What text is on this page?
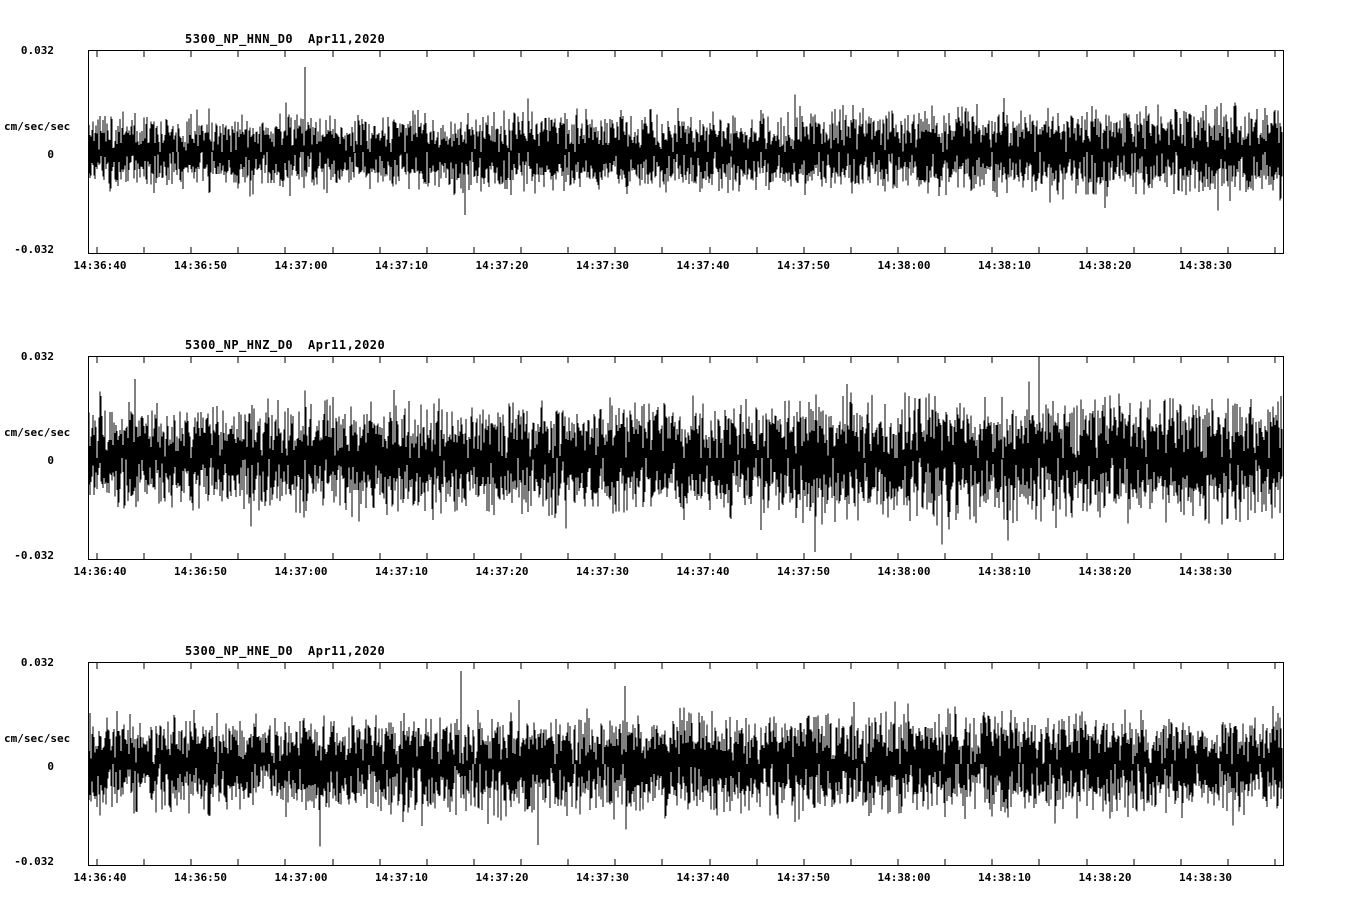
5300_NP_HNN_D0 Apr11,2020
0.032
cm/sec/sec
0
-0.032
14:36:40	14:36:50	14:37:00	14:37:10	14:37:20	14:37:30	14:37:40	14:37:50	14:38:00	14:38:10	14:38:20	14:38:30
5300_NP_HNZ_D0 Apr11,2020
0.032
cm/sec/sec
0
-0.032
14:36:40	14:36:50	14:37:00	14:37:10	14:37:20	14:37:30	14:37:40	14:37:50	14:38:00	14:38:10	14:38:20	14:38:30
5300_NP_HNE_D0 Apr11,2020
0.032
cm/sec/sec
0
-0.032
14:36:40	14:36:50	14:37:00	14:37:10	14:37:20	14:37:30	14:37:40	14:37:50	14:38:00	14:38:10	14:38:20	14:38:30
